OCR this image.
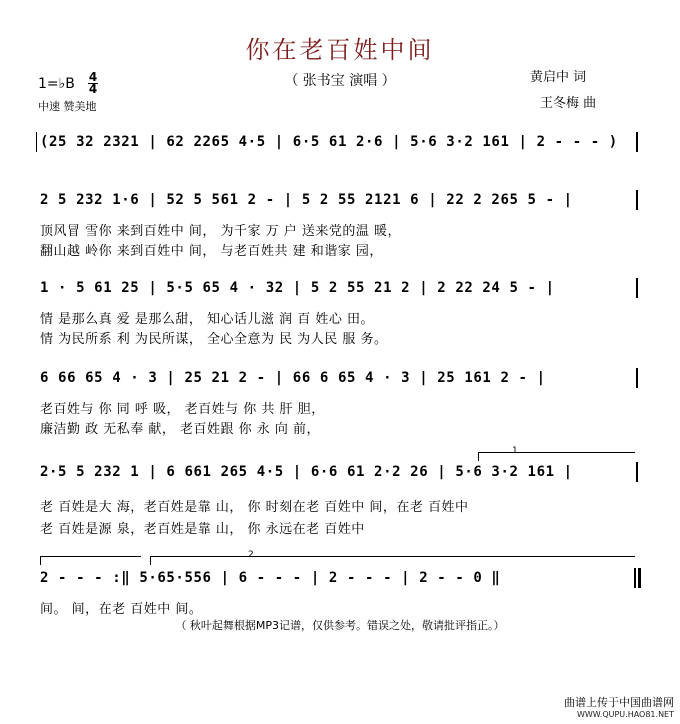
你在老百姓中间
（ 张书宝 演唱 ）	黄启中 词
王冬梅 曲
1=♭B 4
4
中速 赞美地
(25 32 2321 | 62 2265 4·5 | 6·5 61 2·6 | 5·6 3·2 161 | 2 - - - )
2 5 232 1·6 | 52 5 561 2 - | 5 2 55 2121 6 | 22 2 265 5 - |
顶风冒 雪你 来到百姓中 间， 为千家 万 户 送来党的温 暖，
翻山越 岭你 来到百姓中 间， 与老百姓共 建 和谐家 园，
1 · 5 61 25 | 5·5 65 4 · 32 | 5 2 55 21 2 | 2 22 24 5 - |
情 是那么真 爱 是那么甜， 知心话儿滋 润 百 姓心 田。
情 为民所系 利 为民所谋， 全心全意为 民 为人民 服 务。
6 66 65 4 · 3 | 25 21 2 - | 66 6 65 4 · 3 | 25 161 2 - |
老百姓与 你 同 呼 吸， 老百姓与 你 共 肝 胆，
廉洁勤 政 无私奉 献， 老百姓跟 你 永 向 前，
1
2·5 5 232 1 | 6 661 265 4·5 | 6·6 61 2·2 26 | 5·6 3·2 161 |
老 百姓是大 海，老百姓是靠 山， 你 时刻在老 百姓中 间，在老 百姓中
老 百姓是源 泉，老百姓是靠 山， 你 永远在老 百姓中
2
2 - - - :‖ 5·65·556 | 6 - - - | 2 - - - | 2 - - 0 ‖
间。 间，在老 百姓中 间。
（ 秋叶起舞根据MP3记谱，仅供参考。错误之处，敬请批评指正。）
曲谱上传于中国曲谱网
WWW.QUPU.HAO81.NET
